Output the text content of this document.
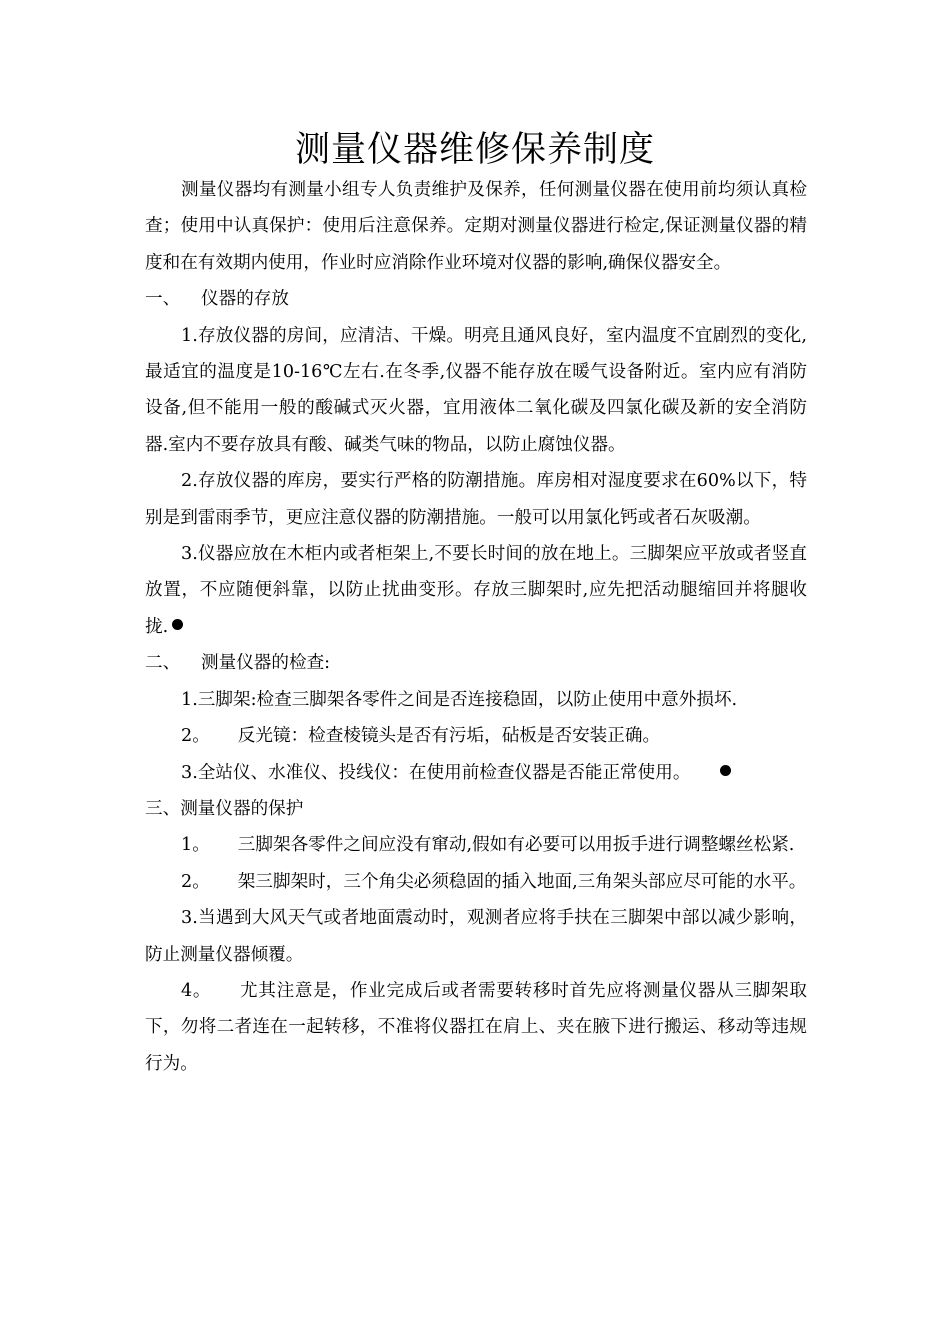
测量仪器维修保养制度

测量仪器均有测量小组专人负责维护及保养，任何测量仪器在使用前均须认真检查；使用中认真保护：使用后注意保养。定期对测量仪器进行检定,保证测量仪器的精度和在有效期内使用，作业时应消除作业环境对仪器的影响,确保仪器安全。

一、 仪器的存放

1.存放仪器的房间，应清洁、干燥。明亮且通风良好，室内温度不宜剧烈的变化,最适宜的温度是10-16℃左右.在冬季,仪器不能存放在暖气设备附近。室内应有消防设备,但不能用一般的酸碱式灭火器，宜用液体二氧化碳及四氯化碳及新的安全消防器.室内不要存放具有酸、碱类气味的物品，以防止腐蚀仪器。

2.存放仪器的库房，要实行严格的防潮措施。库房相对湿度要求在60%以下，特别是到雷雨季节，更应注意仪器的防潮措施。一般可以用氯化钙或者石灰吸潮。

3.仪器应放在木柜内或者柜架上,不要长时间的放在地上。三脚架应平放或者竖直放置，不应随便斜靠，以防止扰曲变形。存放三脚架时,应先把活动腿缩回并将腿收拢.

二、 测量仪器的检查:

1.三脚架:检查三脚架各零件之间是否连接稳固，以防止使用中意外损坏.

2。 反光镜：检查棱镜头是否有污垢，砧板是否安装正确。

3.全站仪、水准仪、投线仪：在使用前检查仪器是否能正常使用。

三、测量仪器的保护

1。 三脚架各零件之间应没有窜动,假如有必要可以用扳手进行调整螺丝松紧.

2。 架三脚架时，三个角尖必须稳固的插入地面,三角架头部应尽可能的水平。

3.当遇到大风天气或者地面震动时，观测者应将手扶在三脚架中部以减少影响，防止测量仪器倾覆。

4。 尤其注意是，作业完成后或者需要转移时首先应将测量仪器从三脚架取下，勿将二者连在一起转移，不准将仪器扛在肩上、夹在腋下进行搬运、移动等违规行为。
